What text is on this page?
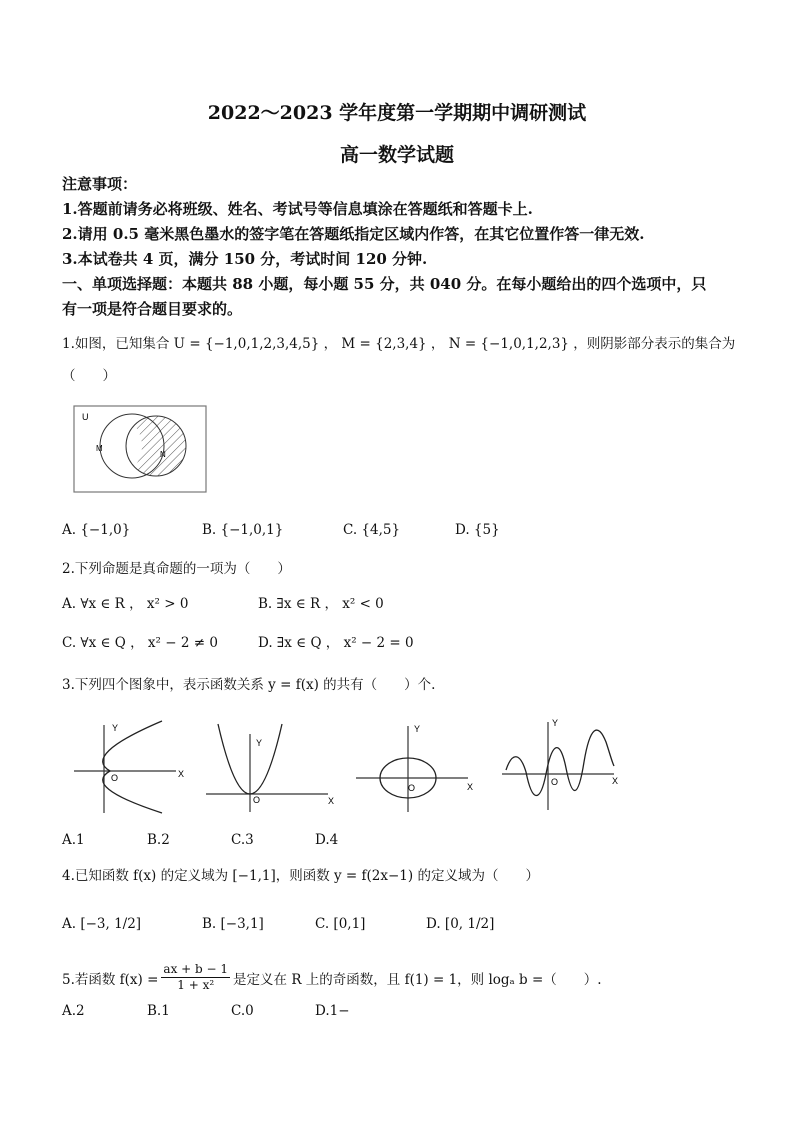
2022～2023 学年度第一学期期中调研测试
高一数学试题
注意事项：
1.答题前请务必将班级、姓名、考试号等信息填涂在答题纸和答题卡上.
2.请用 0.5 毫米黑色墨水的签字笔在答题纸指定区域内作答，在其它位置作答一律无效.
3.本试卷共 4 页，满分 150 分，考试时间 120 分钟.
一、单项选择题：本题共 88 小题，每小题 55 分，共 040 分。在每小题给出的四个选项中，只
有一项是符合题目要求的。
1.如图，已知集合 U = {−1,0,1,2,3,4,5} ， M = {2,3,4} ， N = {−1,0,1,2,3} ，则阴影部分表示的集合为
（　　）
U
M
N
A. {−1,0}	B. {−1,0,1}	C. {4,5}	D. {5}
2.下列命题是真命题的一项为（　　）
A. ∀x ∈ R ， x² > 0	B. ∃x ∈ R ， x² < 0
C. ∀x ∈ Q ， x² − 2 ≠ 0	D. ∃x ∈ Q ， x² − 2 = 0
3.下列四个图象中，表示函数关系 y = f(x) 的共有（　　）个.
Y
X
O
Y
X
O
Y
X
O
Y
X
O
A.1	B.2	C.3	D.4
4.已知函数 f(x) 的定义域为 [−1,1]，则函数 y = f(2x−1) 的定义域为（　　）
A. [−3, 1/2]	B. [−3,1]	C. [0,1]	D. [0, 1/2]
5.若函数 $f(x) = \frac{ax + b - 1}{\text{1 + x²}}$ 是定义在 R 上的奇函数，且 f(1) = 1，则 logₐ b =（　　）.
A.2	B.1	C.0	D.1−
